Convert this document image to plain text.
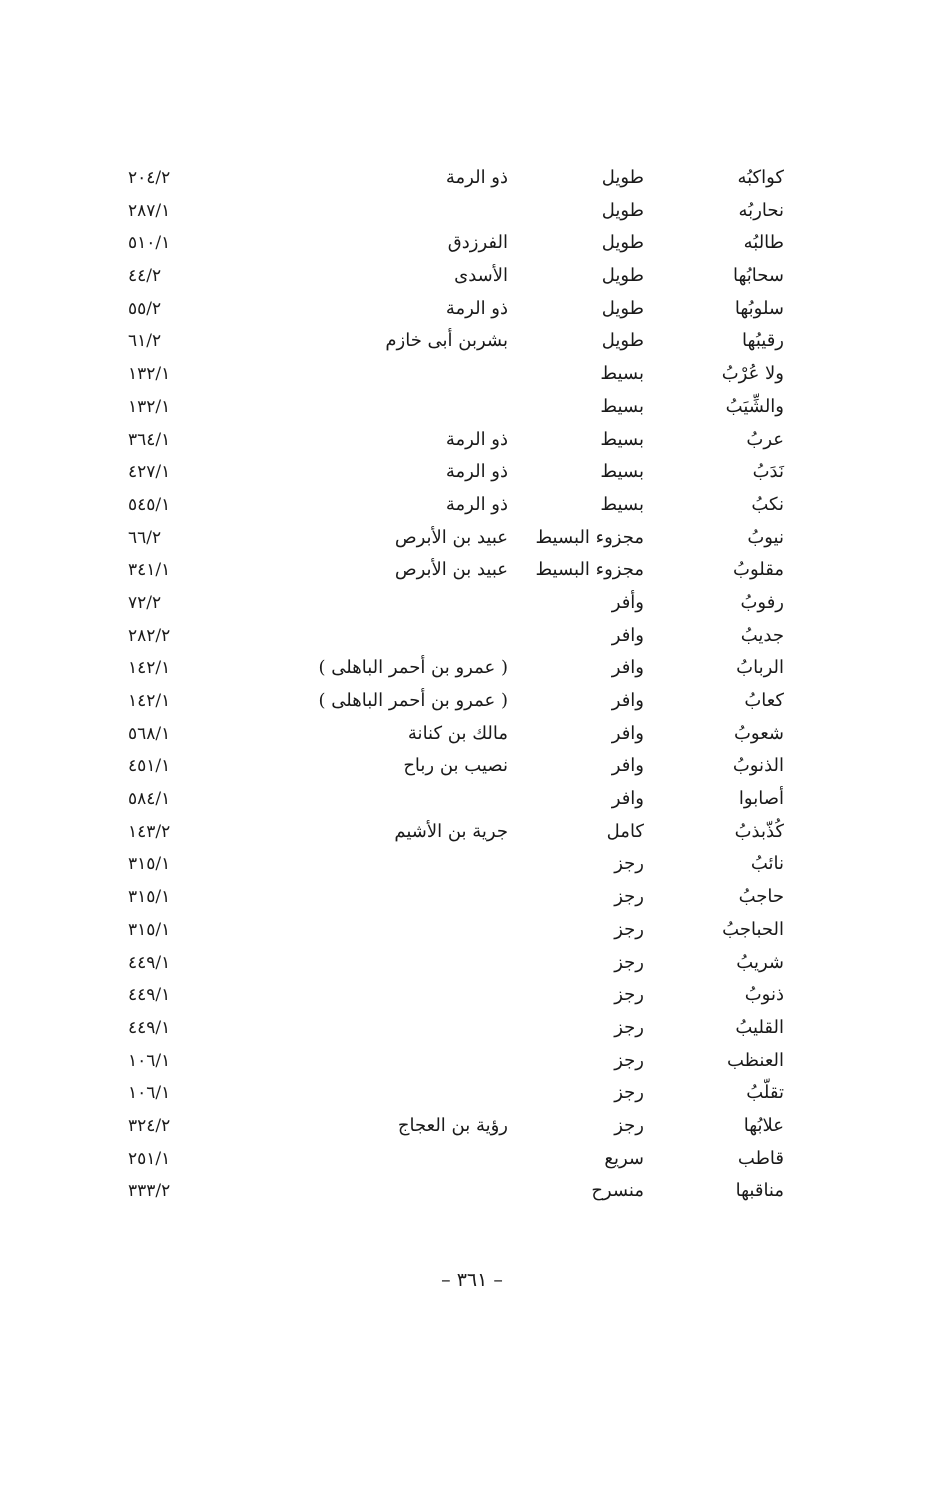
كواكبُه
طويل
ذو الرمة
٢٠٤/٢
نحاربُه
طويل
٢٨٧/١
طالبُه
طويل
الفرزدق
٥١٠/١
سحابُها
طويل
الأسدى
٤٤/٢
سلوبُها
طويل
ذو الرمة
٥٥/٢
رقيبُها
طويل
بشربن أبى خازم
٦١/٢
ولا عُرْبُ
بسيط
١٣٢/١
والشِّيَبُ
بسيط
١٣٢/١
عربُ
بسيط
ذو الرمة
٣٦٤/١
نَدَبُ
بسيط
ذو الرمة
٤٢٧/١
نكبُ
بسيط
ذو الرمة
٥٤٥/١
نيوبُ
مجزوء البسيط
عبيد بن الأبرص
٦٦/٢
مقلوبُ
مجزوء البسيط
عبيد بن الأبرص
٣٤١/١
رفوبُ
وأفر
٧٢/٢
جديبُ
وافر
٢٨٢/٢
الربابُ
وافر
( عمرو بن أحمر الباهلى )
١٤٢/١
كعابُ
وافر
( عمرو بن أحمر الباهلى )
١٤٢/١
شعوبُ
وافر
مالك بن كنانة
٥٦٨/١
الذنوبُ
وافر
نصيب بن رباح
٤٥١/١
أصابوا
وافر
٥٨٤/١
كُذّبذبُ
كامل
جرية بن الأشيم
١٤٣/٢
نائبُ
رجز
٣١٥/١
حاجبُ
رجز
٣١٥/١
الحباجبُ
رجز
٣١٥/١
شريبُ
رجز
٤٤٩/١
ذنوبُ
رجز
٤٤٩/١
القليبُ
رجز
٤٤٩/١
العنظب
رجز
١٠٦/١
تقلّبُ
رجز
١٠٦/١
علابُها
رجز
رؤية بن العجاج
٣٢٤/٢
قاطب
سريع
٢٥١/١
مناقبها
منسرح
٣٣٣/٢
– ٣٦١ –
